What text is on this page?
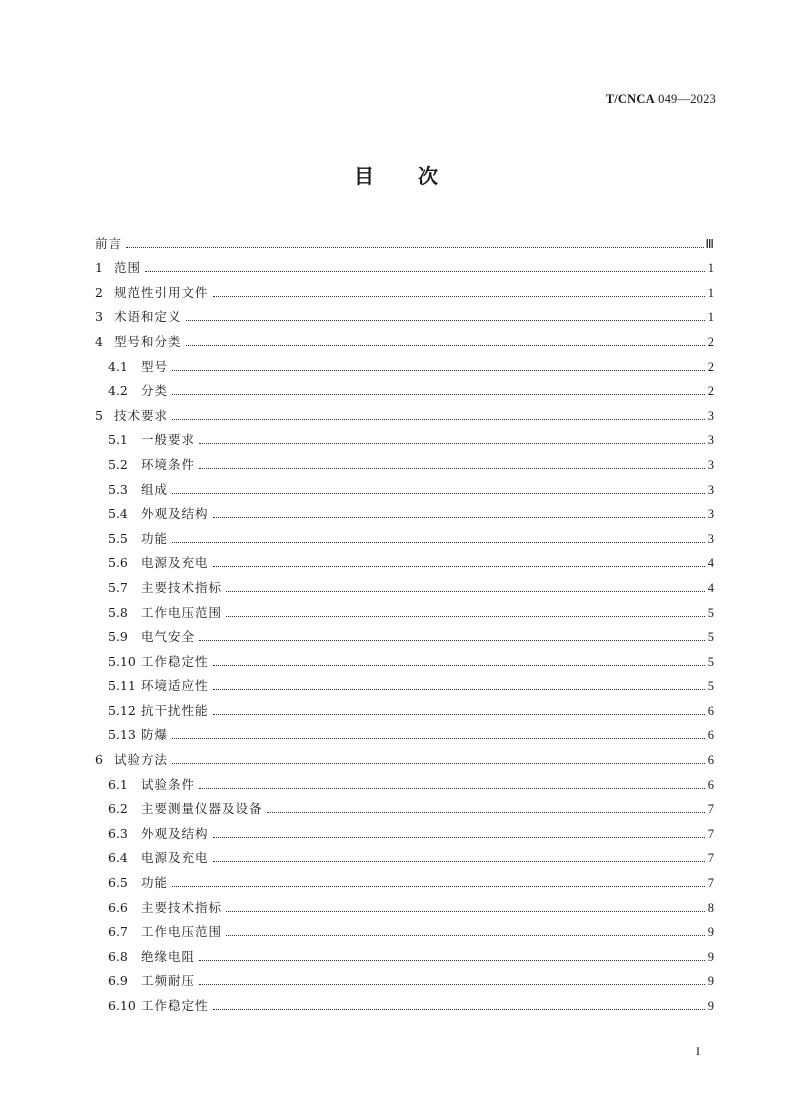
T/CNCA 049—2023
目 次
前言	Ⅲ
1 范围	1
2 规范性引用文件	1
3 术语和定义	1
4 型号和分类	2
4.1	型号	2
4.2	分类	2
5 技术要求	3
5.1	一般要求	3
5.2	环境条件	3
5.3	组成	3
5.4	外观及结构	3
5.5	功能	3
5.6	电源及充电	4
5.7	主要技术指标	4
5.8	工作电压范围	5
5.9	电气安全	5
5.10 工作稳定性	5
5.11 环境适应性	5
5.12 抗干扰性能	6
5.13 防爆	6
6 试验方法	6
6.1	试验条件	6
6.2	主要测量仪器及设备	7
6.3	外观及结构	7
6.4	电源及充电	7
6.5	功能	7
6.6	主要技术指标	8
6.7	工作电压范围	9
6.8	绝缘电阻	9
6.9	工频耐压	9
6.10 工作稳定性	9
I
